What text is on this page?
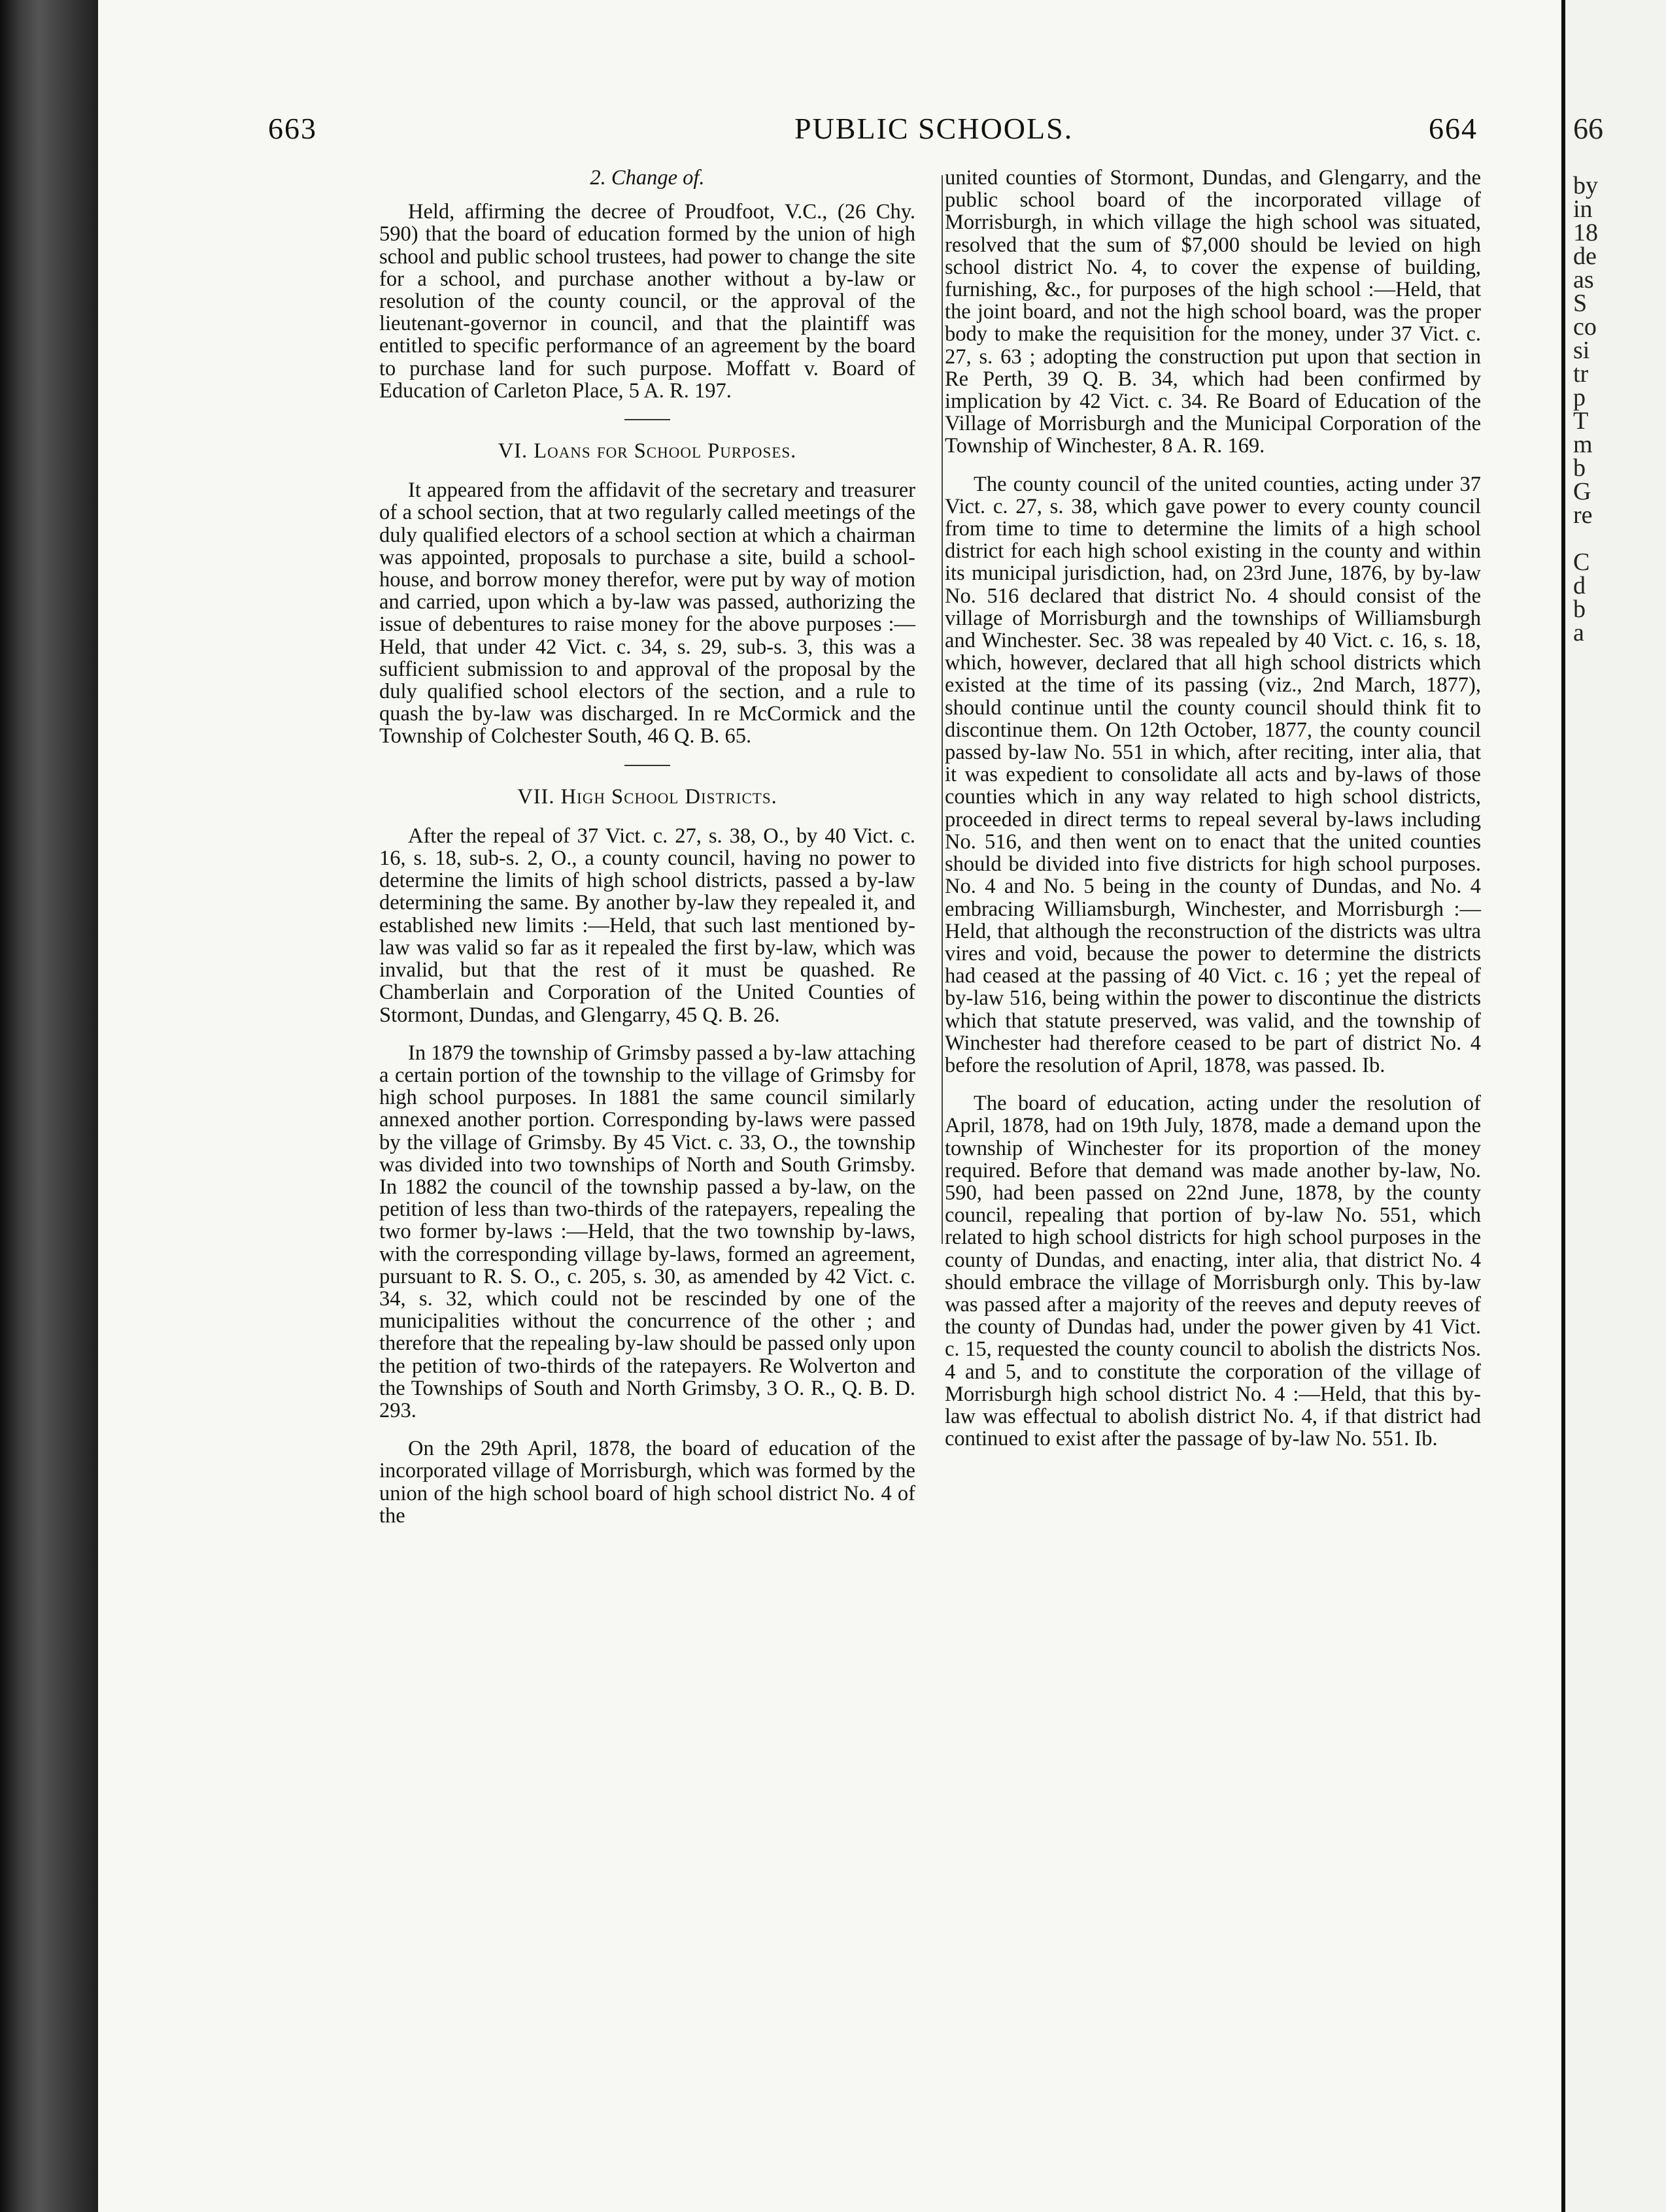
663	PUBLIC SCHOOLS.	664

2. Change of.

Held, affirming the decree of Proudfoot, V.C., (26 Chy. 590) that the board of education formed by the union of high school and public school trustees, had power to change the site for a school, and purchase another without a by-law or resolution of the county council, or the approval of the lieutenant-governor in council, and that the plaintiff was entitled to specific performance of an agreement by the board to purchase land for such purpose. Moffatt v. Board of Education of Carleton Place, 5 A. R. 197.

VI. Loans for School Purposes.

It appeared from the affidavit of the secretary and treasurer of a school section, that at two regularly called meetings of the duly qualified electors of a school section at which a chairman was appointed, proposals to purchase a site, build a school-house, and borrow money therefor, were put by way of motion and carried, upon which a by-law was passed, authorizing the issue of debentures to raise money for the above purposes :—Held, that under 42 Vict. c. 34, s. 29, sub-s. 3, this was a sufficient submission to and approval of the proposal by the duly qualified school electors of the section, and a rule to quash the by-law was discharged. In re McCormick and the Township of Colchester South, 46 Q. B. 65.

VII. High School Districts.

After the repeal of 37 Vict. c. 27, s. 38, O., by 40 Vict. c. 16, s. 18, sub-s. 2, O., a county council, having no power to determine the limits of high school districts, passed a by-law determining the same. By another by-law they repealed it, and established new limits :—Held, that such last mentioned by-law was valid so far as it repealed the first by-law, which was invalid, but that the rest of it must be quashed. Re Chamberlain and Corporation of the United Counties of Stormont, Dundas, and Glengarry, 45 Q. B. 26.

In 1879 the township of Grimsby passed a by-law attaching a certain portion of the township to the village of Grimsby for high school purposes. In 1881 the same council similarly annexed another portion. Corresponding by-laws were passed by the village of Grimsby. By 45 Vict. c. 33, O., the township was divided into two townships of North and South Grimsby. In 1882 the council of the township passed a by-law, on the petition of less than two-thirds of the ratepayers, repealing the two former by-laws :—Held, that the two township by-laws, with the corresponding village by-laws, formed an agreement, pursuant to R. S. O., c. 205, s. 30, as amended by 42 Vict. c. 34, s. 32, which could not be rescinded by one of the municipalities without the concurrence of the other ; and therefore that the repealing by-law should be passed only upon the petition of two-thirds of the ratepayers. Re Wolverton and the Townships of South and North Grimsby, 3 O. R., Q. B. D. 293.

On the 29th April, 1878, the board of education of the incorporated village of Morrisburgh, which was formed by the union of the high school board of high school district No. 4 of the

united counties of Stormont, Dundas, and Glengarry, and the public school board of the incorporated village of Morrisburgh, in which village the high school was situated, resolved that the sum of $7,000 should be levied on high school district No. 4, to cover the expense of building, furnishing, &c., for purposes of the high school :—Held, that the joint board, and not the high school board, was the proper body to make the requisition for the money, under 37 Vict. c. 27, s. 63 ; adopting the construction put upon that section in Re Perth, 39 Q. B. 34, which had been confirmed by implication by 42 Vict. c. 34. Re Board of Education of the Village of Morrisburgh and the Municipal Corporation of the Township of Winchester, 8 A. R. 169.

The county council of the united counties, acting under 37 Vict. c. 27, s. 38, which gave power to every county council from time to time to determine the limits of a high school district for each high school existing in the county and within its municipal jurisdiction, had, on 23rd June, 1876, by by-law No. 516 declared that district No. 4 should consist of the village of Morrisburgh and the townships of Williamsburgh and Winchester. Sec. 38 was repealed by 40 Vict. c. 16, s. 18, which, however, declared that all high school districts which existed at the time of its passing (viz., 2nd March, 1877), should continue until the county council should think fit to discontinue them. On 12th October, 1877, the county council passed by-law No. 551 in which, after reciting, inter alia, that it was expedient to consolidate all acts and by-laws of those counties which in any way related to high school districts, proceeded in direct terms to repeal several by-laws including No. 516, and then went on to enact that the united counties should be divided into five districts for high school purposes. No. 4 and No. 5 being in the county of Dundas, and No. 4 embracing Williamsburgh, Winchester, and Morrisburgh :—Held, that although the reconstruction of the districts was ultra vires and void, because the power to determine the districts had ceased at the passing of 40 Vict. c. 16 ; yet the repeal of by-law 516, being within the power to discontinue the districts which that statute preserved, was valid, and the township of Winchester had therefore ceased to be part of district No. 4 before the resolution of April, 1878, was passed. Ib.

The board of education, acting under the resolution of April, 1878, had on 19th July, 1878, made a demand upon the township of Winchester for its proportion of the money required. Before that demand was made another by-law, No. 590, had been passed on 22nd June, 1878, by the county council, repealing that portion of by-law No. 551, which related to high school districts for high school purposes in the county of Dundas, and enacting, inter alia, that district No. 4 should embrace the village of Morrisburgh only. This by-law was passed after a majority of the reeves and deputy reeves of the county of Dundas had, under the power given by 41 Vict. c. 15, requested the county council to abolish the districts Nos. 4 and 5, and to constitute the corporation of the village of Morrisburgh high school district No. 4 :—Held, that this by-law was effectual to abolish district No. 4, if that district had continued to exist after the passage of by-law No. 551. Ib.

66
by
in
18
de
as
S
co
si
tr
p
T
m
b
G
re
C
d
b
a
